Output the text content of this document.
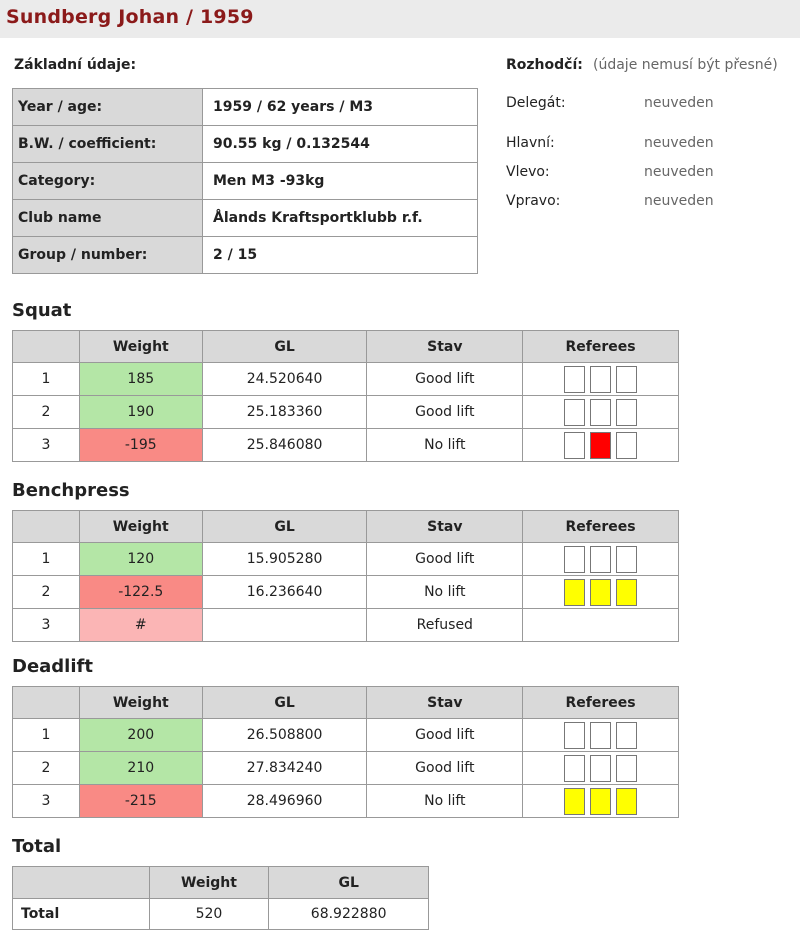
Sundberg Johan / 1959
Základní údaje:
Year / age:	1959 / 62 years / M3
B.W. / coefficient:	90.55 kg / 0.132544
Category:	Men M3 -93kg
Club name	Ålands Kraftsportklubb r.f.
Group / number:	2 / 15
Rozhodčí: (údaje nemusí být přesné)
Delegát:	neuveden
Hlavní:	neuveden
Vlevo:	neuveden
Vpravo:	neuveden
Squat
	Weight	GL	Stav	Referees
1	185	24.520640	Good lift	

2	190	25.183360	Good lift	

3	-195	25.846080	No lift	
Benchpress
	Weight	GL	Stav	Referees
1	120	15.905280	Good lift	

2	-122.5	16.236640	No lift	

3	#		Refused	
Deadlift
	Weight	GL	Stav	Referees
1	200	26.508800	Good lift	

2	210	27.834240	Good lift	

3	-215	28.496960	No lift	
Total
	Weight	GL
Total	520	68.922880
